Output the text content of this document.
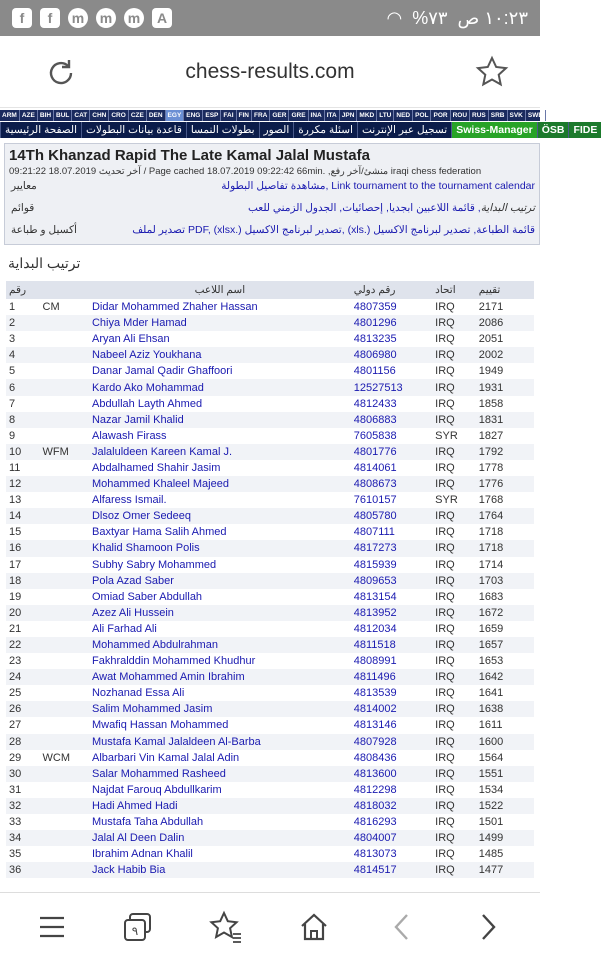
f	f	m m m	A	◠ %٧٣ ١٠:٢٣ ص
chess-results.com
ARM AZE BIH BUL CAT CHN CRO CZE DEN EGY ENG ESP FAI FIN FRA GER GRE INA ITA JPN MKD LTU NED POL POR ROU RUS SRB SVK SWE
الصفحة الرئيسية قاعدة بيانات البطولات بطولات النمسا الصور اسئلة مكررة تسجيل عبر الإنترنت Swiss-Manager ÖSB FIDE
14Th Khanzad Rapid The Late Kamal Jalal Mustafa
09:21:22 18.07.2019 آخر تحديث / Page cached 18.07.2019 09:22:42 66min. ,منشئ/آخر رفع iraqi chess federation
معايير	مشاهدة تفاصيل البطولة, Link tournament to the tournament calendar
قوائم	ترتيب البداية, قائمة اللاعبين ابجديا, إحصائيات, الجدول الزمني للعب
أكسيل و طباعة	تصدير لملف PDF, (xlsx.) تصدير لبرنامج الاكسيل, (xls.) قائمة الطباعة, تصدير لبرنامج الاكسيل
ترتيب البداية
رقم		اسم اللاعب	رقم دولي	اتحاد	تقييم
1	CM	Didar Mohammed Zhaher Hassan	4807359	IRQ	2171
2		Chiya Mder Hamad	4801296	IRQ	2086
3		Aryan Ali Ehsan	4813235	IRQ	2051
4		Nabeel Aziz Youkhana	4806980	IRQ	2002
5		Danar Jamal Qadir Ghaffoori	4801156	IRQ	1949
6		Kardo Ako Mohammad	12527513	IRQ	1931
7		Abdullah Layth Ahmed	4812433	IRQ	1858
8		Nazar Jamil Khalid	4806883	IRQ	1831
9		Alawash Firass	7605838	SYR	1827
10	WFM	Jalaluldeen Kareen Kamal J.	4801776	IRQ	1792
11		Abdalhamed Shahir Jasim	4814061	IRQ	1778
12		Mohammed Khaleel Majeed	4808673	IRQ	1776
13		Alfaress Ismail.	7610157	SYR	1768
14		Dlsoz Omer Sedeeq	4805780	IRQ	1764
15		Baxtyar Hama Salih Ahmed	4807111	IRQ	1718
16		Khalid Shamoon Polis	4817273	IRQ	1718
17		Subhy Sabry Mohammed	4815939	IRQ	1714
18		Pola Azad Saber	4809653	IRQ	1703
19		Omiad Saber Abdullah	4813154	IRQ	1683
20		Azez Ali Hussein	4813952	IRQ	1672
21		Ali Farhad Ali	4812034	IRQ	1659
22		Mohammed Abdulrahman	4811518	IRQ	1657
23		Fakhralddin Mohammed Khudhur	4808991	IRQ	1653
24		Awat Mohammed Amin Ibrahim	4811496	IRQ	1642
25		Nozhanad Essa Ali	4813539	IRQ	1641
26		Salim Mohammed Jasim	4814002	IRQ	1638
27		Mwafiq Hassan Mohammed	4813146	IRQ	1611
28		Mustafa Kamal Jalaldeen Al-Barba	4807928	IRQ	1600
29	WCM	Albarbari Vin Kamal Jalal Adin	4808436	IRQ	1564
30		Salar Mohammed Rasheed	4813600	IRQ	1551
31		Najdat Farouq Abdullkarim	4812298	IRQ	1534
32		Hadi Ahmed Hadi	4818032	IRQ	1522
33		Mustafa Taha Abdullah	4816293	IRQ	1501
34		Jalal Al Deen Dalin	4804007	IRQ	1499
35		Ibrahim Adnan Khalil	4813073	IRQ	1485
36		Jack Habib Bia	4814517	IRQ	1477
٩
